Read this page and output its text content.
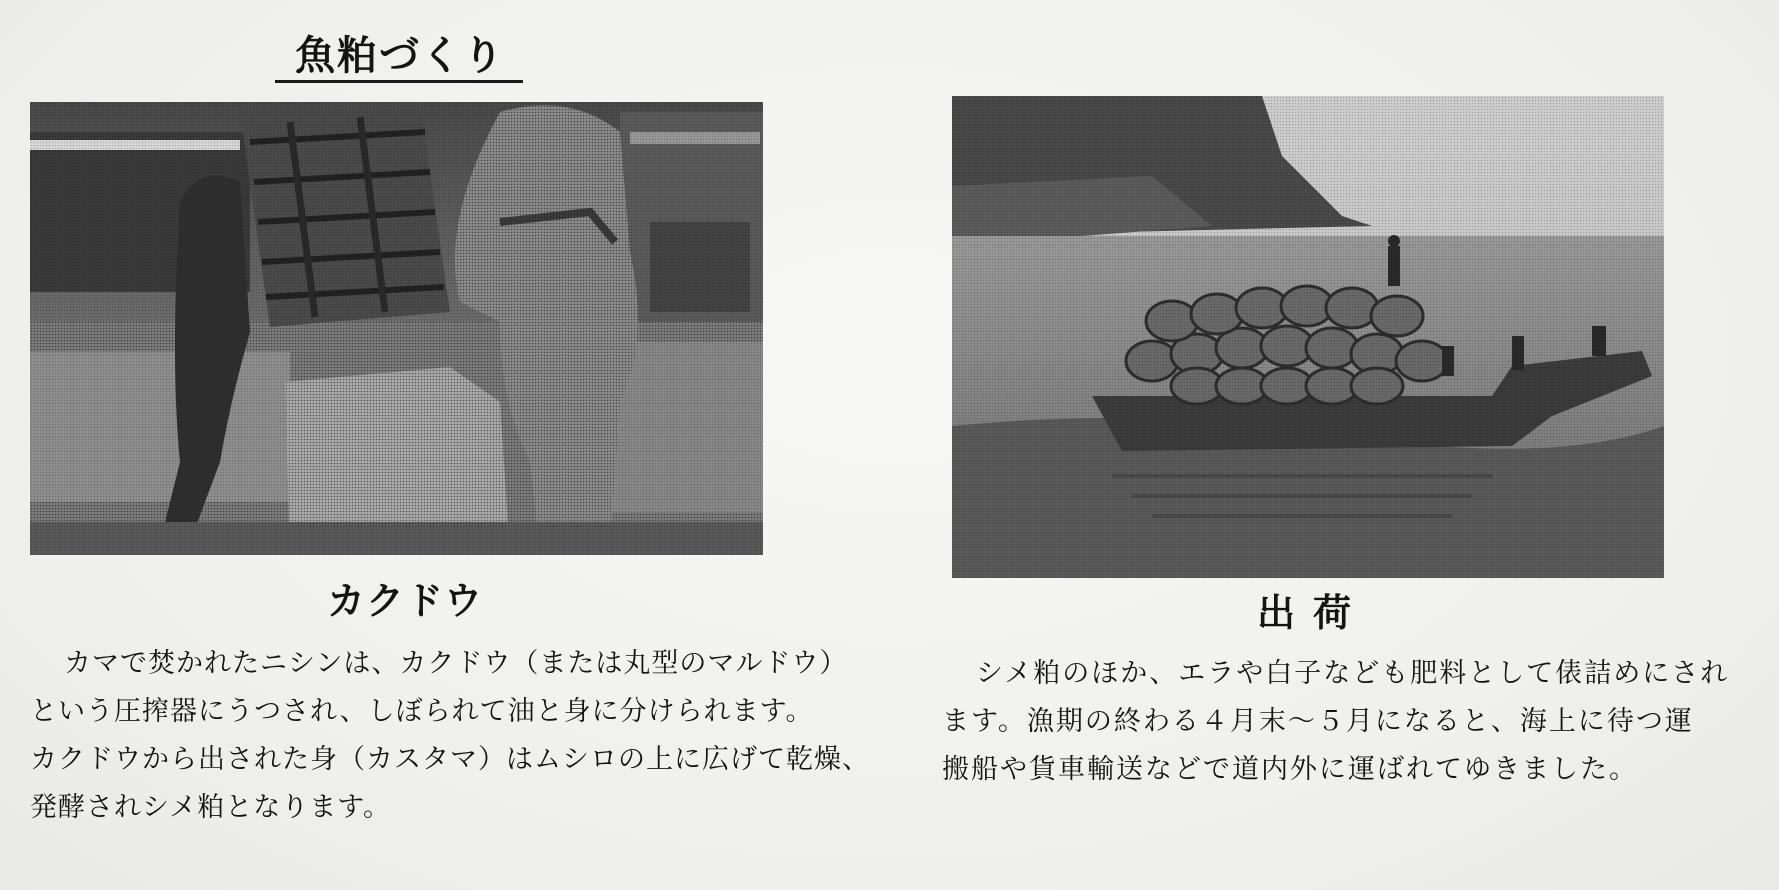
魚粕づくり
カクドウ	出荷
カマで焚かれたニシンは、カクドウ（または丸型のマルドウ）
という圧搾器にうつされ、しぼられて油と身に分けられます。
カクドウから出された身（カスタマ）はムシロの上に広げて乾燥、
発酵されシメ粕となります。
シメ粕のほか、エラや白子なども肥料として俵詰めにされ
ます。漁期の終わる４月末～５月になると、海上に待つ運
搬船や貨車輸送などで道内外に運ばれてゆきました。
